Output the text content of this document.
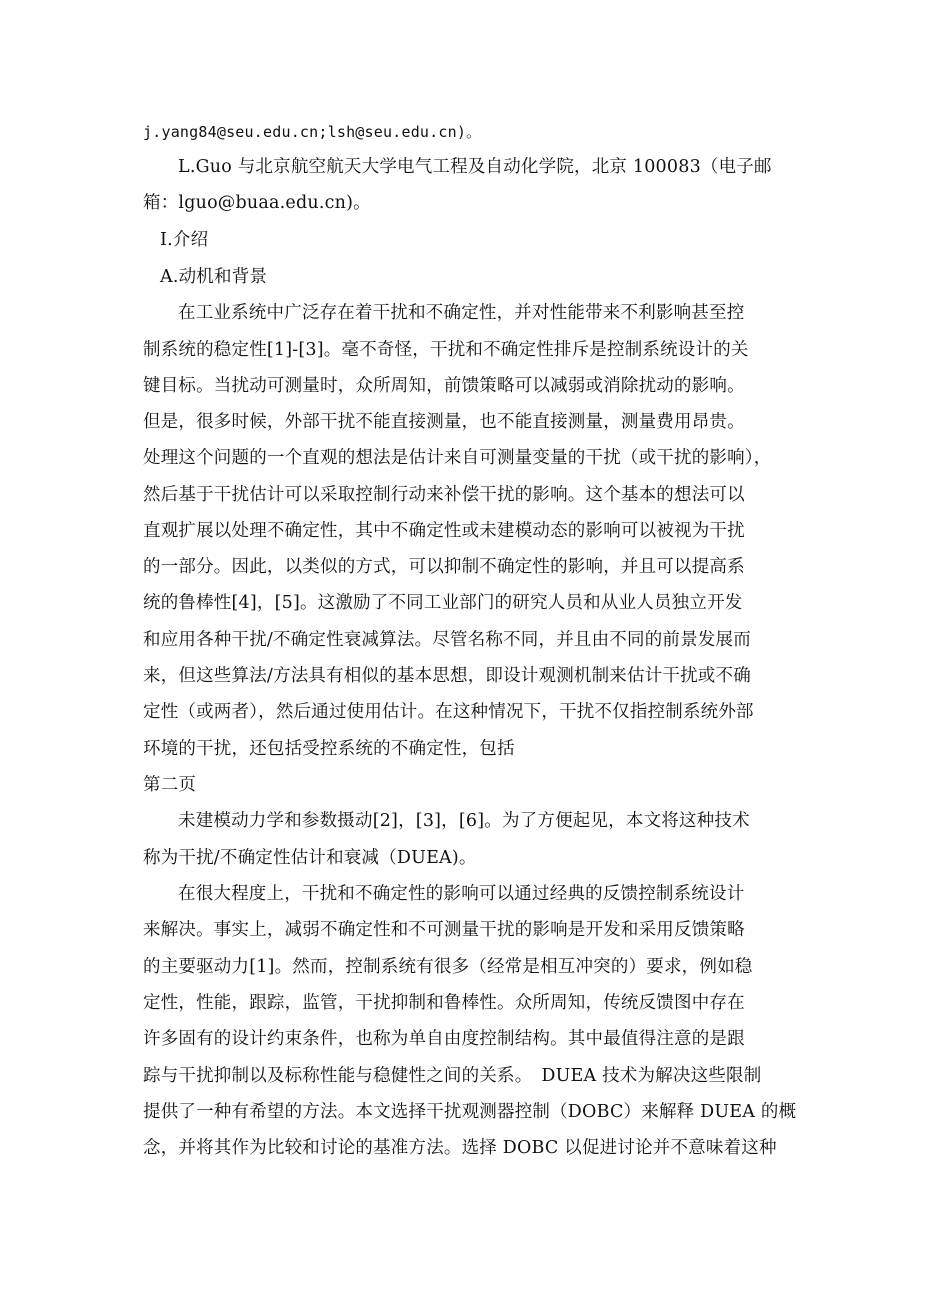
j.yang84@seu.edu.cn;lsh@seu.edu.cn)。
L.Guo 与北京航空航天大学电气工程及自动化学院，北京 100083（电子邮
箱：lguo@buaa.edu.cn)。
I.介绍
A.动机和背景
在工业系统中广泛存在着干扰和不确定性，并对性能带来不利影响甚至控
制系统的稳定性[1]-[3]。毫不奇怪，干扰和不确定性排斥是控制系统设计的关
键目标。当扰动可测量时，众所周知，前馈策略可以减弱或消除扰动的影响。
但是，很多时候，外部干扰不能直接测量，也不能直接测量，测量费用昂贵。
处理这个问题的一个直观的想法是估计来自可测量变量的干扰（或干扰的影响），
然后基于干扰估计可以采取控制行动来补偿干扰的影响。这个基本的想法可以
直观扩展以处理不确定性，其中不确定性或未建模动态的影响可以被视为干扰
的一部分。因此，以类似的方式，可以抑制不确定性的影响，并且可以提高系
统的鲁棒性[4]，[5]。这激励了不同工业部门的研究人员和从业人员独立开发
和应用各种干扰/不确定性衰减算法。尽管名称不同，并且由不同的前景发展而
来，但这些算法/方法具有相似的基本思想，即设计观测机制来估计干扰或不确
定性（或两者），然后通过使用估计。在这种情况下，干扰不仅指控制系统外部
环境的干扰，还包括受控系统的不确定性，包括
第二页
未建模动力学和参数摄动[2]，[3]，[6]。为了方便起见，本文将这种技术
称为干扰/不确定性估计和衰减（DUEA)。
在很大程度上，干扰和不确定性的影响可以通过经典的反馈控制系统设计
来解决。事实上，减弱不确定性和不可测量干扰的影响是开发和采用反馈策略
的主要驱动力[1]。然而，控制系统有很多（经常是相互冲突的）要求，例如稳
定性，性能，跟踪，监管，干扰抑制和鲁棒性。众所周知，传统反馈图中存在
许多固有的设计约束条件，也称为单自由度控制结构。其中最值得注意的是跟
踪与干扰抑制以及标称性能与稳健性之间的关系。　DUEA 技术为解决这些限制
提供了一种有希望的方法。本文选择干扰观测器控制（DOBC）来解释 DUEA 的概
念，并将其作为比较和讨论的基准方法。选择 DOBC 以促进讨论并不意味着这种
